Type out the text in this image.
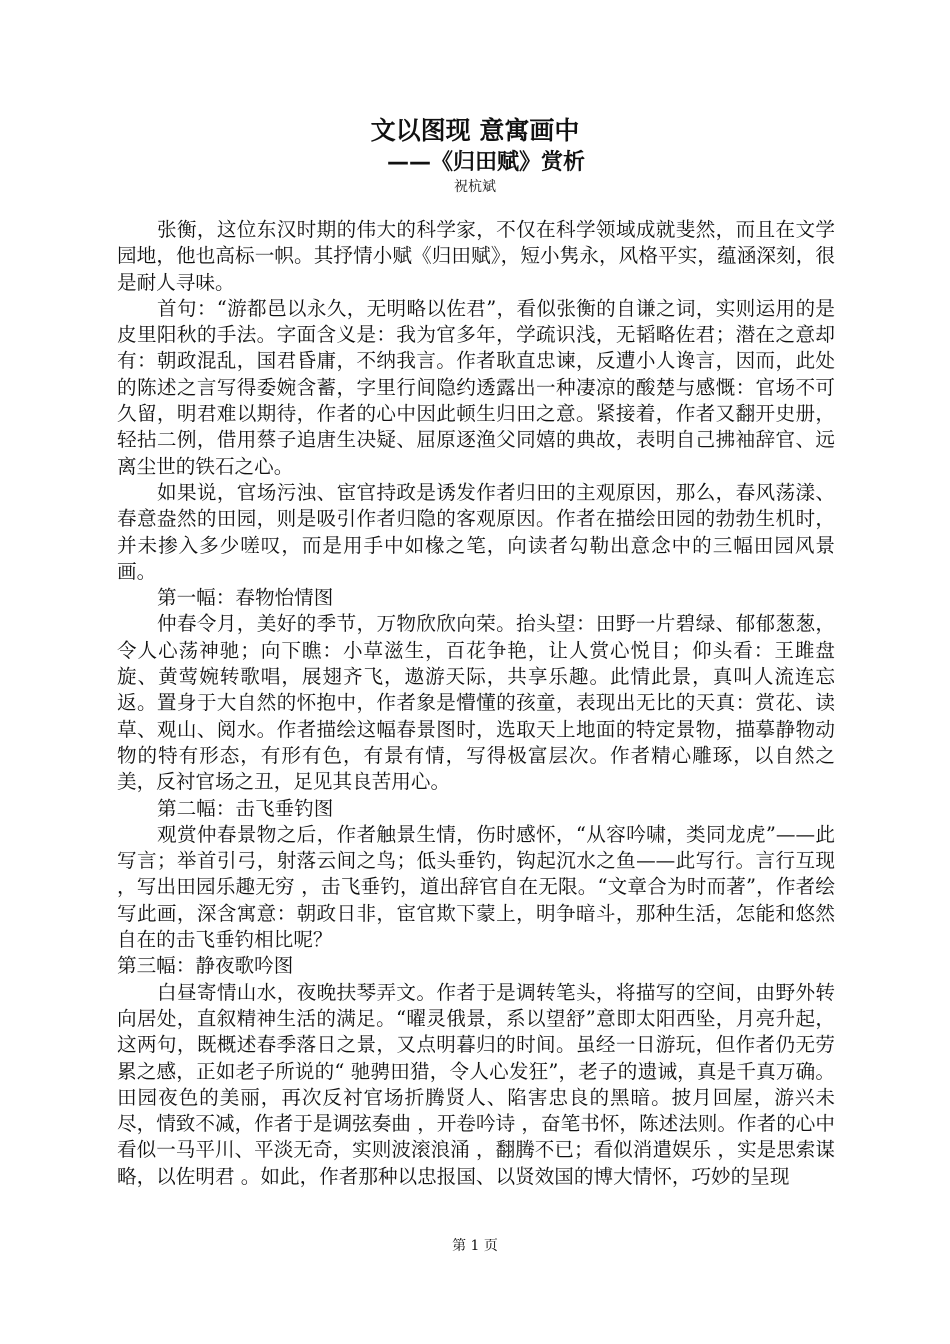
文以图现 意寓画中
——《归田赋》赏析
祝杭斌

张衡，这位东汉时期的伟大的科学家，不仅在科学领域成就斐然，而且在文学园地，他也高标一帜。其抒情小赋《归田赋》，短小隽永，风格平实，蕴涵深刻，很是耐人寻味。

首句：“游都邑以永久，无明略以佐君”，看似张衡的自谦之词，实则运用的是皮里阳秋的手法。字面含义是：我为官多年，学疏识浅，无韬略佐君；潜在之意却有：朝政混乱，国君昏庸，不纳我言。作者耿直忠谏，反遭小人谗言，因而，此处的陈述之言写得委婉含蓄，字里行间隐约透露出一种凄凉的酸楚与感慨：官场不可久留，明君难以期待，作者的心中因此顿生归田之意。紧接着，作者又翻开史册，轻拈二例，借用蔡子追唐生决疑、屈原逐渔父同嬉的典故，表明自己拂袖辞官、远离尘世的铁石之心。

如果说，官场污浊、宦官持政是诱发作者归田的主观原因，那么，春风荡漾、春意盎然的田园，则是吸引作者归隐的客观原因。作者在描绘田园的勃勃生机时，并未掺入多少嗟叹，而是用手中如椽之笔，向读者勾勒出意念中的三幅田园风景画。

第一幅：春物怡情图

仲春令月，美好的季节，万物欣欣向荣。抬头望：田野一片碧绿、郁郁葱葱，令人心荡神驰；向下瞧：小草滋生，百花争艳，让人赏心悦目；仰头看：王雎盘旋、黄莺婉转歌唱，展翅齐飞，遨游天际，共享乐趣。此情此景，真叫人流连忘返。置身于大自然的怀抱中，作者象是懵懂的孩童，表现出无比的天真：赏花、读草、观山、阅水。作者描绘这幅春景图时，选取天上地面的特定景物，描摹静物动物的特有形态，有形有色，有景有情，写得极富层次。作者精心雕琢，以自然之美，反衬官场之丑，足见其良苦用心。

第二幅：击飞垂钓图

观赏仲春景物之后，作者触景生情，伤时感怀，“从容吟啸，类同龙虎”——此写言；举首引弓，射落云间之鸟；低头垂钓，钩起沉水之鱼——此写行。言行互现 ，写出田园乐趣无穷 ，击飞垂钓，道出辞官自在无限。“文章合为时而著”，作者绘写此画，深含寓意：朝政日非，宦官欺下蒙上，明争暗斗，那种生活，怎能和悠然自在的击飞垂钓相比呢？

第三幅：静夜歌吟图

白昼寄情山水，夜晚扶琴弄文。作者于是调转笔头，将描写的空间，由野外转向居处，直叙精神生活的满足。“曜灵俄景，系以望舒”意即太阳西坠，月亮升起，这两句，既概述春季落日之景，又点明暮归的时间。虽经一日游玩，但作者仍无劳累之感，正如老子所说的“ 驰骋田猎，令人心发狂”，老子的遗诫，真是千真万确。田园夜色的美丽，再次反衬官场折腾贤人、陷害忠良的黑暗。披月回屋，游兴未尽，情致不减，作者于是调弦奏曲 ，开卷吟诗 ，奋笔书怀，陈述法则。作者的心中看似一马平川、平淡无奇，实则波滚浪涌 ，翻腾不已；看似消遣娱乐 ，实是思索谋略，以佐明君 。如此，作者那种以忠报国、以贤效国的博大情怀，巧妙的呈现

第 1 页
